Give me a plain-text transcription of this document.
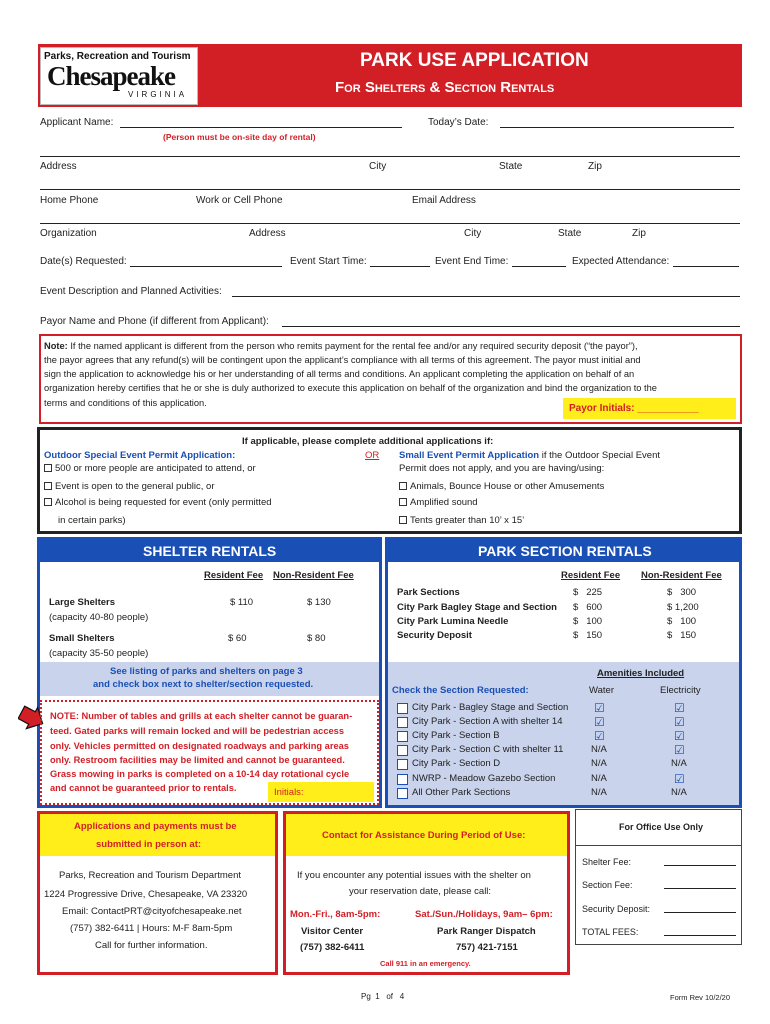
Parks, Recreation and Tourism
Chesapeake
VIRGINIA
PARK USE APPLICATION
For Shelters & Section Rentals
Applicant Name:	Today’s Date:
(Person must be on-site day of rental)
Address	City	State	Zip
Home Phone	Work or Cell Phone	Email Address
Organization	Address	City	State	Zip
Date(s) Requested:	Event Start Time:	Event End Time:	Expected Attendance:
Event Description and Planned Activities:
Payor Name and Phone (if different from Applicant):
Note: If the named applicant is different from the person who remits payment for the rental fee and/or any required security deposit (“the payor”),
the payor agrees that any refund(s) will be contingent upon the applicant’s compliance with all terms of this agreement. The payor must initial and
sign the application to acknowledge his or her understanding of all terms and conditions. An applicant completing the application on behalf of an
organization hereby certifies that he or she is duly authorized to execute this application on behalf of the organization and bind the organization to the
terms and conditions of this application.	Payor Initials: ___________
If applicable, please complete additional applications if:
Outdoor Special Event Permit Application:	OR Small Event Permit Application if the Outdoor Special Event
Permit does not apply, and you are having/using:
500 or more people are anticipated to attend, or
Event is open to the general public, or
Alcohol is being requested for event (only permitted
in certain parks)
Animals, Bounce House or other Amusements
Amplified sound
Tents greater than 10’ x 15’
SHELTER RENTALS
Resident Fee Non-Resident Fee
Large Shelters
(capacity 40-80 people)
$ 110	$ 130
Small Shelters
(capacity 35-50 people)
$ 60	$ 80
See listing of parks and shelters on page 3
and check box next to shelter/section requested.
NOTE: Number of tables and grills at each shelter cannot be guaran-
teed. Gated parks will remain locked and will be pedestrian access
only. Vehicles permitted on designated roadways and parking areas
only. Restroom facilities may be limited and cannot be guaranteed.
Grass mowing in parks is completed on a 10-14 day rotational cycle
and cannot be guaranteed prior to rentals.	Initials:
PARK SECTION RENTALS
Resident Fee Non-Resident Fee
Park Sections	$   225	$   300
City Park Bagley Stage and Section $   600	$ 1,200
City Park Lumina Needle	$   100	$   100
Security Deposit	$   150	$   150
Amenities Included
Check the Section Requested:	Water	Electricity
City Park - Bagley Stage and Section ☑	☑
City Park - Section A with shelter 14	☑	☑
City Park - Section B	☑	☑
City Park - Section C with shelter 11	N/A	☑
City Park - Section D	N/A	N/A
NWRP - Meadow Gazebo Section	N/A	☑
All Other Park Sections	N/A	N/A
Applications and payments must be
submitted in person at:
Parks, Recreation and Tourism Department
1224 Progressive Drive, Chesapeake, VA 23320
Email: ContactPRT@cityofchesapeake.net
(757) 382-6411 | Hours: M-F 8am-5pm
Call for further information.
Contact for Assistance During Period of Use:
If you encounter any potential issues with the shelter on
your reservation date, please call:
Mon.-Fri., 8am-5pm:	Sat./Sun./Holidays, 9am– 6pm:
Visitor Center	Park Ranger Dispatch
(757) 382-6411	757) 421-7151
Call 911 in an emergency.
For Office Use Only
Shelter Fee:
Section Fee:
Security Deposit:
TOTAL FEES:
Pg  1   of   4	Form Rev 10/2/20
